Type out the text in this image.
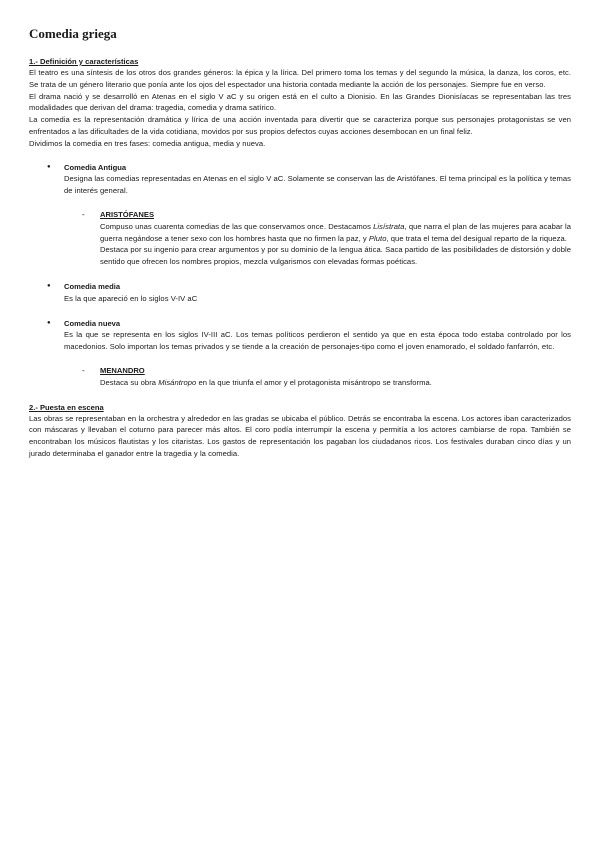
Comedia griega
1.- Definición y características

El teatro es una síntesis de los otros dos grandes géneros: la épica y la lírica. Del primero toma los temas y del segundo la música, la danza, los coros, etc. Se trata de un género literario que ponía ante los ojos del espectador una historia contada mediante la acción de los personajes. Siempre fue en verso.

El drama nació y se desarrolló en Atenas en el siglo V aC y su origen está en el culto a Dionisio. En las Grandes Dionisíacas se representaban las tres modalidades que derivan del drama: tragedia, comedia y drama satírico.

La comedia es la representación dramática y lírica de una acción inventada para divertir que se caracteriza porque sus personajes protagonistas se ven enfrentados a las dificultades de la vida cotidiana, movidos por sus propios defectos cuyas acciones desembocan en un final feliz.

Dividimos la comedia en tres fases: comedia antigua, media y nueva.

● Comedia Antigua

Designa las comedias representadas en Atenas en el siglo V aC. Solamente se conservan las de Aristófanes. El tema principal es la política y temas de interés general.

- ARISTÓFANES

Compuso unas cuarenta comedias de las que conservamos once. Destacamos Lisístrata, que narra el plan de las mujeres para acabar la guerra negándose a tener sexo con los hombres hasta que no firmen la paz, y Pluto, que trata el tema del desigual reparto de la riqueza.

Destaca por su ingenio para crear argumentos y por su dominio de la lengua ática. Saca partido de las posibilidades de distorsión y doble sentido que ofrecen los nombres propios, mezcla vulgarismos con elevadas formas poéticas.

● Comedia media

Es la que apareció en lo siglos V-IV aC

● Comedia nueva

Es la que se representa en los siglos IV-III aC. Los temas políticos perdieron el sentido ya que en esta época todo estaba controlado por los macedonios. Solo importan los temas privados y se tiende a la creación de personajes-tipo como el joven enamorado, el soldado fanfarrón, etc.

- MENANDRO

Destaca su obra Misántropo en la que triunfa el amor y el protagonista misántropo se transforma.

2.- Puesta en escena

Las obras se representaban en la orchestra y alrededor en las gradas se ubicaba el público. Detrás se encontraba la escena. Los actores iban caracterizados con máscaras y llevaban el coturno para parecer más altos. El coro podía interrumpir la escena y permitía a los actores cambiarse de ropa. También se encontraban los músicos flautistas y los citaristas. Los gastos de representación los pagaban los ciudadanos ricos. Los festivales duraban cinco días y un jurado determinaba el ganador entre la tragedia y la comedia.
